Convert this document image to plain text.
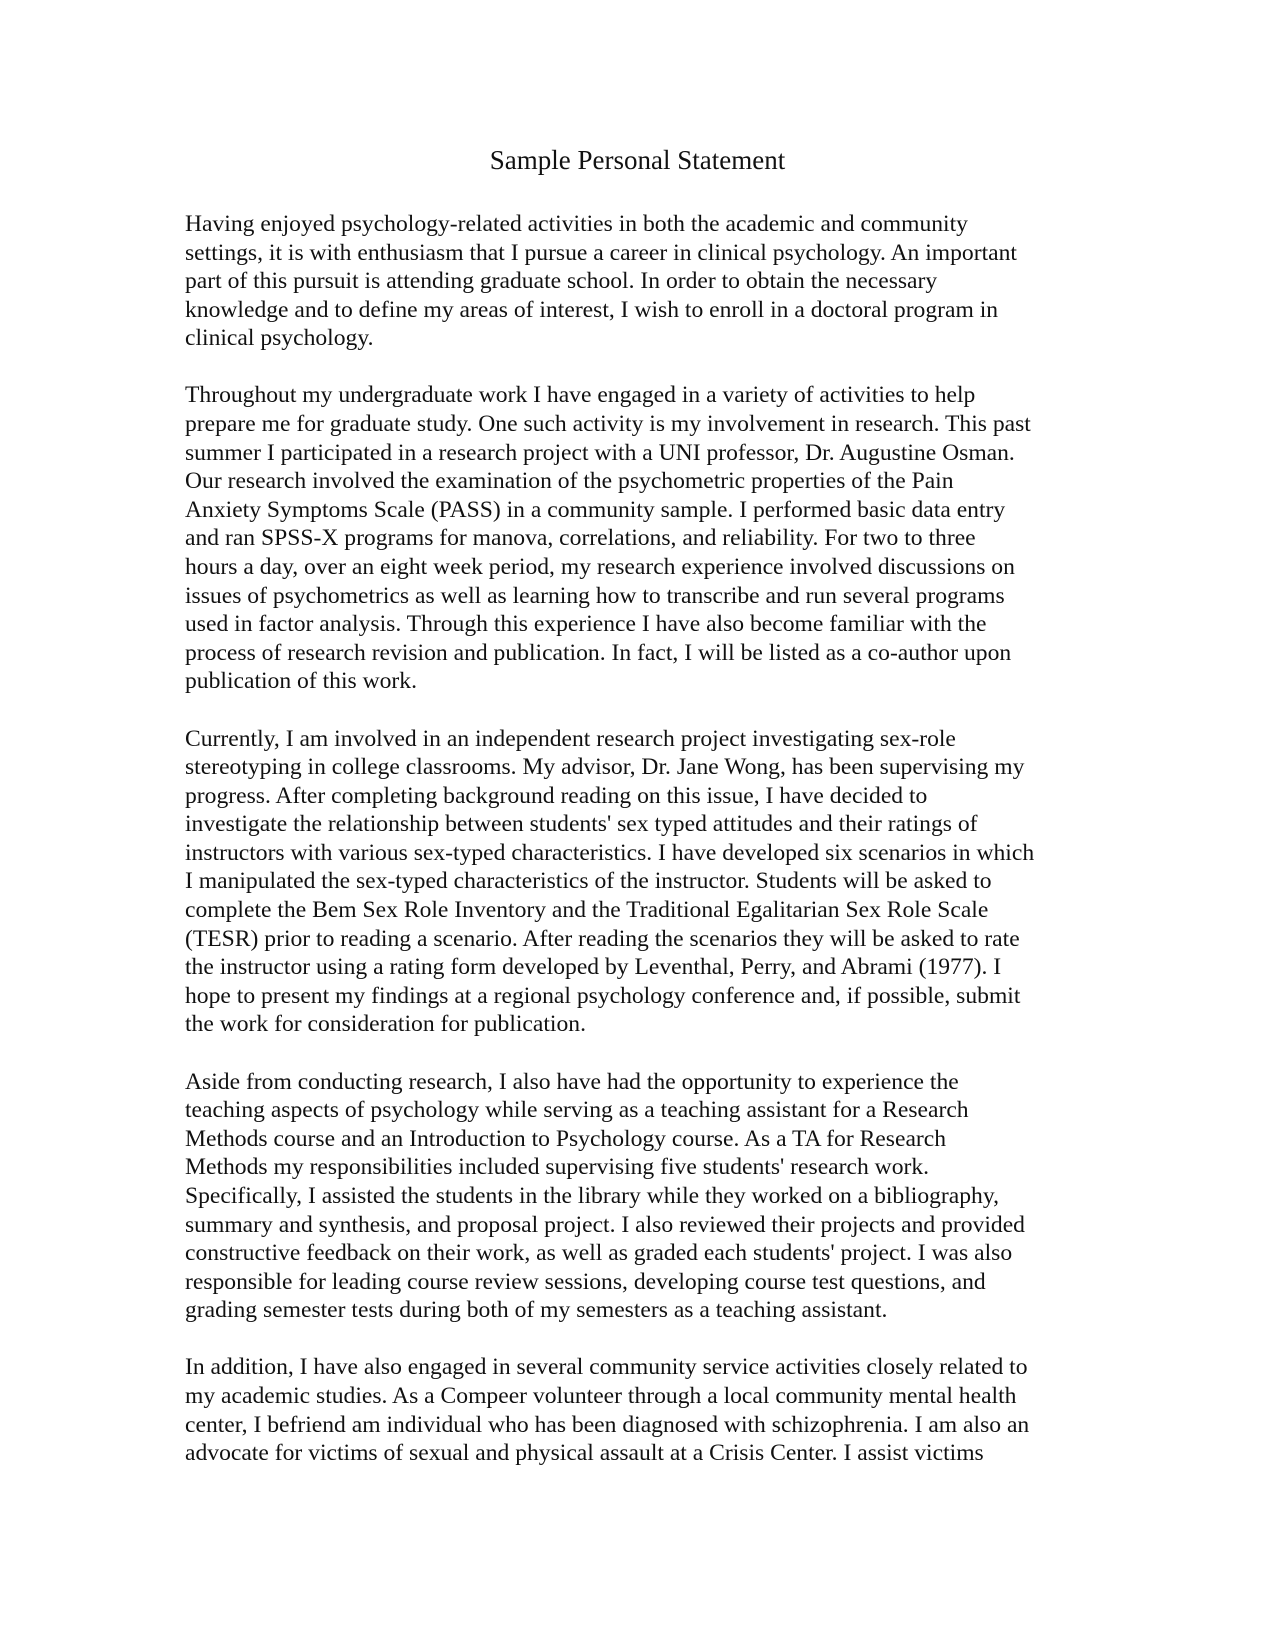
Sample Personal Statement
Having enjoyed psychology-related activities in both the academic and community
settings, it is with enthusiasm that I pursue a career in clinical psychology. An important
part of this pursuit is attending graduate school. In order to obtain the necessary
knowledge and to define my areas of interest, I wish to enroll in a doctoral program in
clinical psychology.
Throughout my undergraduate work I have engaged in a variety of activities to help
prepare me for graduate study. One such activity is my involvement in research. This past
summer I participated in a research project with a UNI professor, Dr. Augustine Osman.
Our research involved the examination of the psychometric properties of the Pain
Anxiety Symptoms Scale (PASS) in a community sample. I performed basic data entry
and ran SPSS-X programs for manova, correlations, and reliability. For two to three
hours a day, over an eight week period, my research experience involved discussions on
issues of psychometrics as well as learning how to transcribe and run several programs
used in factor analysis. Through this experience I have also become familiar with the
process of research revision and publication. In fact, I will be listed as a co-author upon
publication of this work.
Currently, I am involved in an independent research project investigating sex-role
stereotyping in college classrooms. My advisor, Dr. Jane Wong, has been supervising my
progress. After completing background reading on this issue, I have decided to
investigate the relationship between students' sex typed attitudes and their ratings of
instructors with various sex-typed characteristics. I have developed six scenarios in which
I manipulated the sex-typed characteristics of the instructor. Students will be asked to
complete the Bem Sex Role Inventory and the Traditional Egalitarian Sex Role Scale
(TESR) prior to reading a scenario. After reading the scenarios they will be asked to rate
the instructor using a rating form developed by Leventhal, Perry, and Abrami (1977). I
hope to present my findings at a regional psychology conference and, if possible, submit
the work for consideration for publication.
Aside from conducting research, I also have had the opportunity to experience the
teaching aspects of psychology while serving as a teaching assistant for a Research
Methods course and an Introduction to Psychology course. As a TA for Research
Methods my responsibilities included supervising five students' research work.
Specifically, I assisted the students in the library while they worked on a bibliography,
summary and synthesis, and proposal project. I also reviewed their projects and provided
constructive feedback on their work, as well as graded each students' project. I was also
responsible for leading course review sessions, developing course test questions, and
grading semester tests during both of my semesters as a teaching assistant.
In addition, I have also engaged in several community service activities closely related to
my academic studies. As a Compeer volunteer through a local community mental health
center, I befriend am individual who has been diagnosed with schizophrenia. I am also an
advocate for victims of sexual and physical assault at a Crisis Center. I assist victims
